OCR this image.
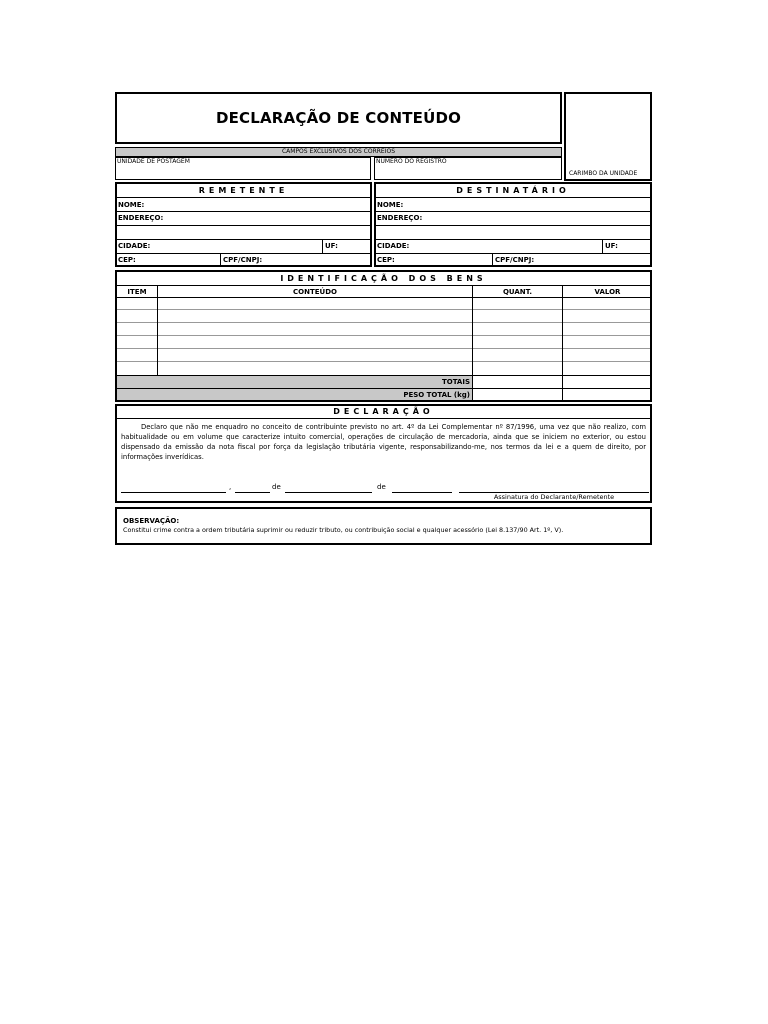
DECLARAÇÃO DE CONTEÚDO
CARIMBO DA UNIDADE
CAMPOS EXCLUSIVOS DOS CORREIOS
UNIDADE DE POSTAGEM	NÚMERO DO REGISTRO
REMETENTE
NOME:
ENDEREÇO:
CIDADE:	UF:
CEP:	CPF/CNPJ:
DESTINATÁRIO
NOME:
ENDEREÇO:
CIDADE:	UF:
CEP:	CPF/CNPJ:
IDENTIFICAÇÃO DOS BENS
ITEM	CONTEÚDO	QUANT.	VALOR
TOTAIS
PESO TOTAL (kg)
DECLARAÇÃO
Declaro que não me enquadro no conceito de contribuinte previsto no art. 4º da Lei Complementar nº 87/1996, uma vez que não realizo, com habitualidade ou em volume que caracterize intuito comercial, operações de circulação de mercadoria, ainda que se iniciem no exterior, ou estou dispensado da emissão da nota fiscal por força da legislação tributária vigente, responsabilizando-me, nos termos da lei e a quem de direito, por informações inverídicas.
,	de	de
Assinatura do Declarante/Remetente
OBSERVAÇÃO:
Constitui crime contra a ordem tributária suprimir ou reduzir tributo, ou contribuição social e qualquer acessório (Lei 8.137/90 Art. 1º, V).
